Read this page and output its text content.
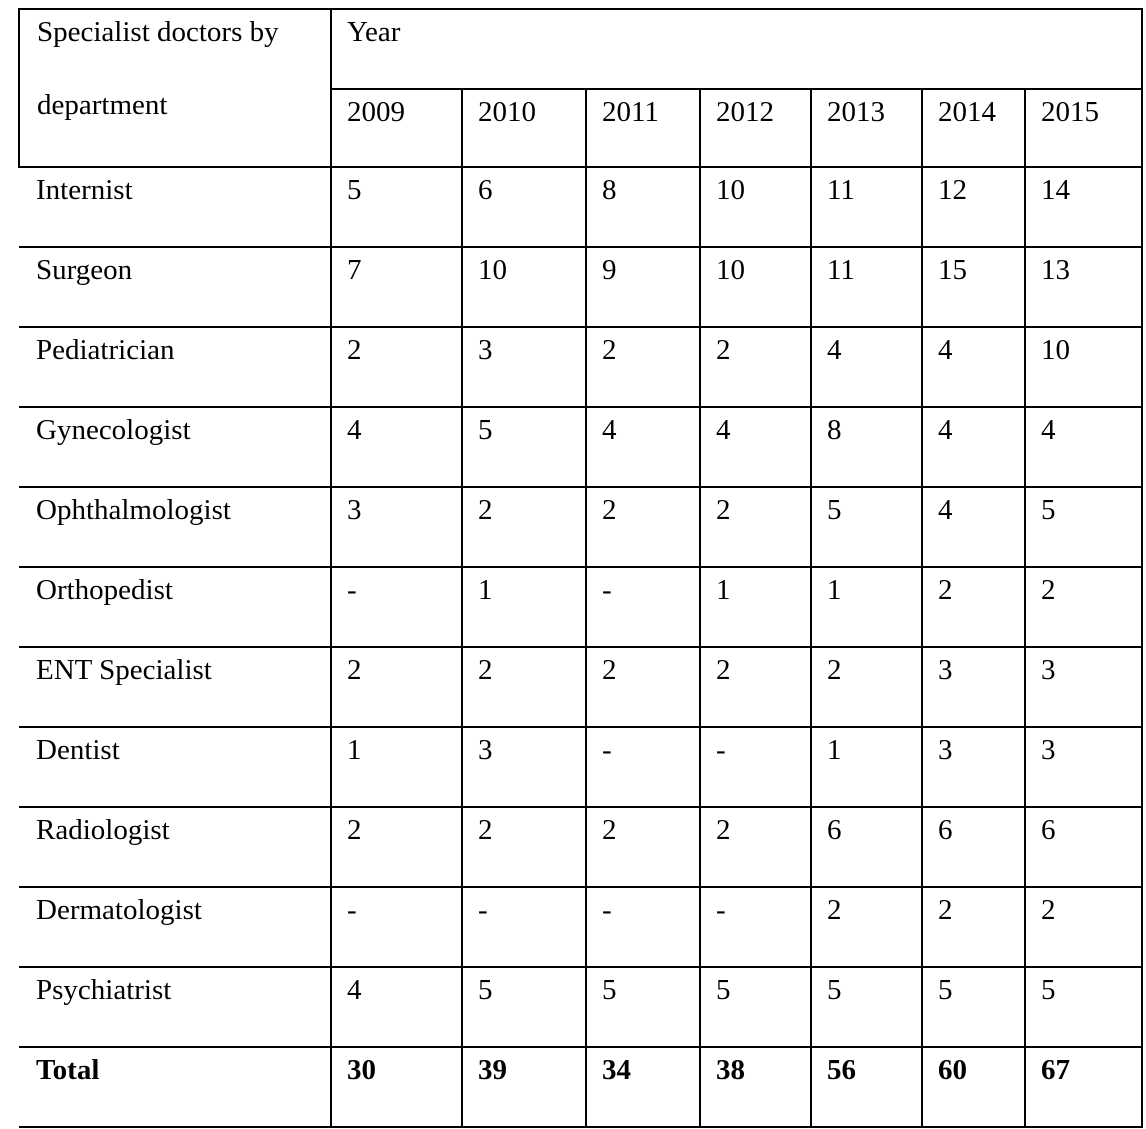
Specialist doctors by
department	Year						
	2009	2010	2011	2012	2013	2014	2015
Internist	5	6	8	10	11	12	14
Surgeon	7	10	9	10	11	15	13
Pediatrician	2	3	2	2	4	4	10
Gynecologist	4	5	4	4	8	4	4
Ophthalmologist	3	2	2	2	5	4	5
Orthopedist	-	1	-	1	1	2	2
ENT Specialist	2	2	2	2	2	3	3
Dentist	1	3	-	-	1	3	3
Radiologist	2	2	2	2	6	6	6
Dermatologist	-	-	-	-	2	2	2
Psychiatrist	4	5	5	5	5	5	5
Total	30	39	34	38	56	60	67
